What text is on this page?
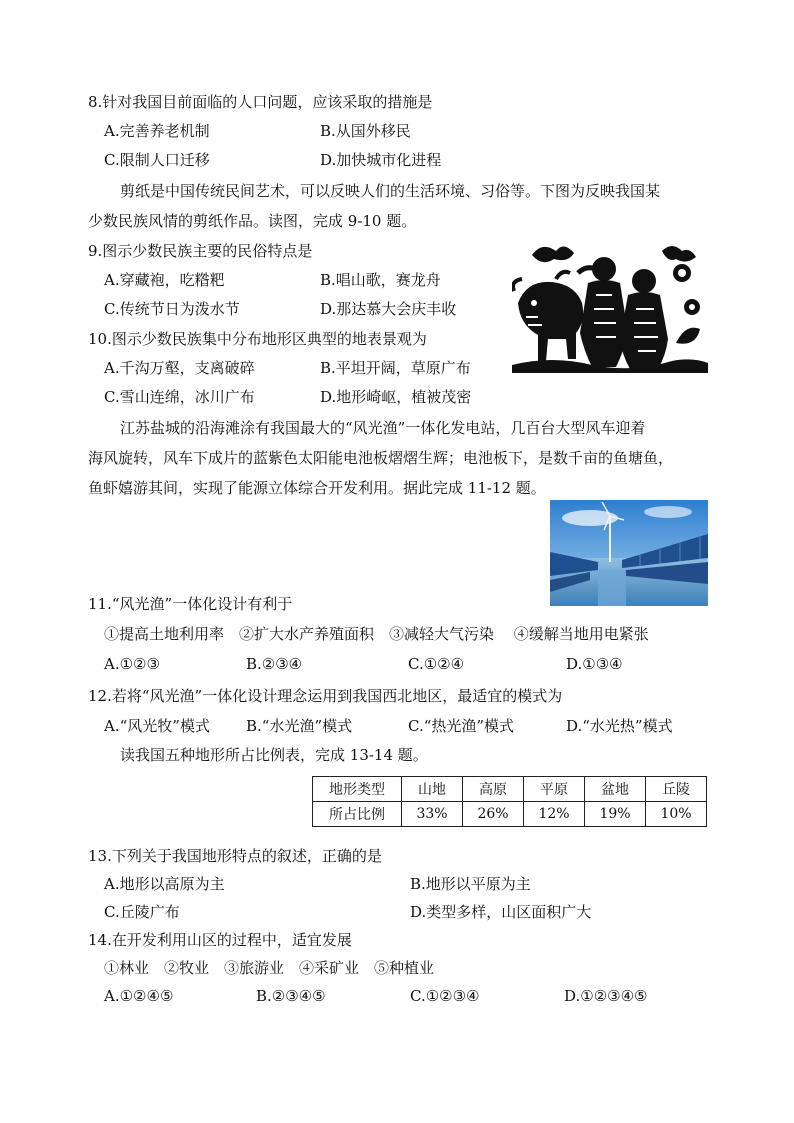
8.针对我国目前面临的人口问题，应该采取的措施是
A.完善养老机制	B.从国外移民
C.限制人口迁移	D.加快城市化进程
剪纸是中国传统民间艺术，可以反映人们的生活环境、习俗等。下图为反映我国某
少数民族风情的剪纸作品。读图，完成 9-10 题。
9.图示少数民族主要的民俗特点是
A.穿藏袍，吃糌粑	B.唱山歌，赛龙舟
C.传统节日为泼水节	D.那达慕大会庆丰收
10.图示少数民族集中分布地形区典型的地表景观为
A.千沟万壑，支离破碎	B.平坦开阔，草原广布
C.雪山连绵，冰川广布	D.地形崎岖，植被茂密
江苏盐城的沿海滩涂有我国最大的“风光渔”一体化发电站，几百台大型风车迎着
海风旋转，风车下成片的蓝紫色太阳能电池板熠熠生辉；电池板下，是数千亩的鱼塘鱼，
鱼虾嬉游其间，实现了能源立体综合开发利用。据此完成 11-12 题。
11.“风光渔”一体化设计有利于
①提高土地利用率　②扩大水产养殖面积　③减轻大气污染　 ④缓解当地用电紧张
A.①②③	B.②③④	C.①②④	D.①③④
12.若将“风光渔”一体化设计理念运用到我国西北地区，最适宜的模式为
A.“风光牧”模式 B.“水光渔”模式	C.“热光渔”模式	D.“水光热”模式
读我国五种地形所占比例表，完成 13-14 题。
地形类型	山地	高原	平原	盆地	丘陵
所占比例	33%	26%	12%	19%	10%
13.下列关于我国地形特点的叙述，正确的是
A.地形以高原为主	B.地形以平原为主
C.丘陵广布	D.类型多样，山区面积广大
14.在开发利用山区的过程中，适宜发展
①林业　②牧业　③旅游业　④采矿业　⑤种植业
A.①②④⑤	B.②③④⑤	C.①②③④	D.①②③④⑤
